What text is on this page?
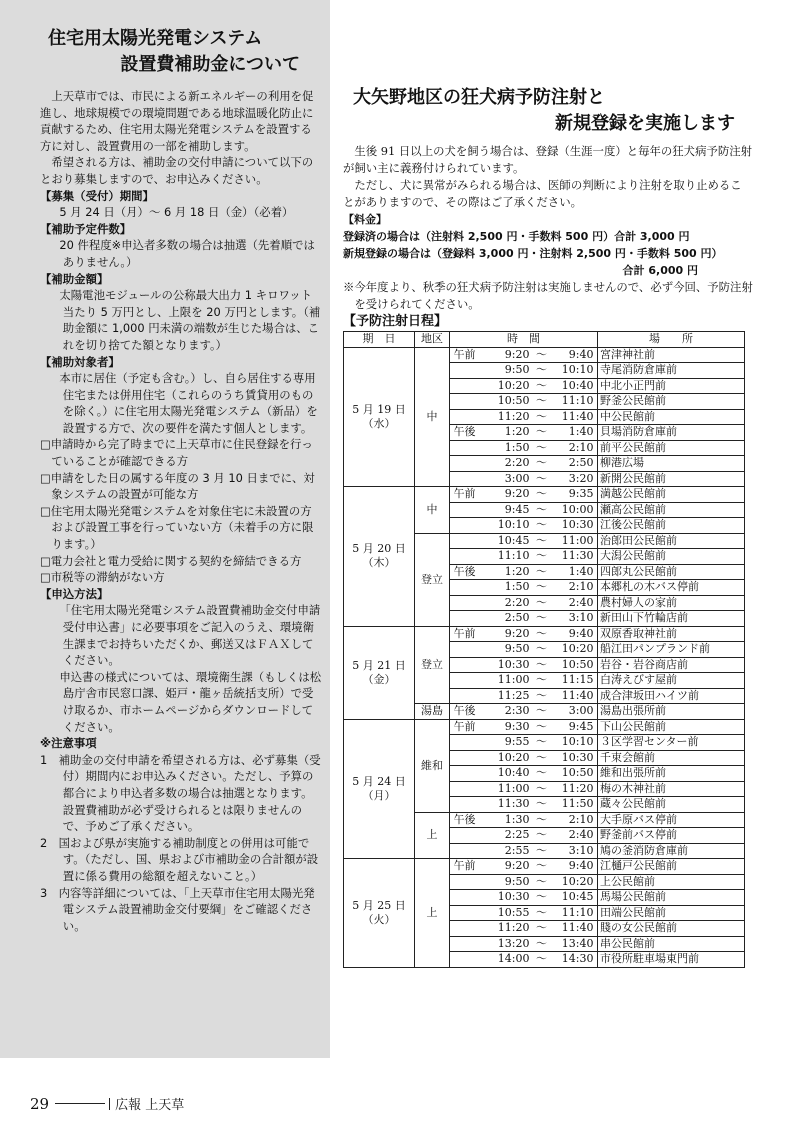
住宅用太陽光発電システム
設置費補助金について

上天草市では、市民による新エネルギーの利用を促進し、地球規模での環境問題である地球温暖化防止に貢献するため、住宅用太陽光発電システムを設置する方に対し、設置費用の一部を補助します。

希望される方は、補助金の交付申請について以下のとおり募集しますので、お申込みください。

【募集（受付）期間】

5 月 24 日（月）～ 6 月 18 日（金）（必着）

【補助予定件数】

20 件程度※申込者多数の場合は抽選（先着順ではありません。）

【補助金額】

太陽電池モジュールの公称最大出力 1 キロワット当たり 5 万円とし、上限を 20 万円とします。（補助金額に 1,000 円未満の端数が生じた場合は、これを切り捨てた額となります。）

【補助対象者】

本市に居住（予定も含む。）し、自ら居住する専用住宅または併用住宅（これらのうち賃貸用のものを除く。）に住宅用太陽光発電システム（新品）を設置する方で、次の要件を満たす個人とします。

□申請時から完了時までに上天草市に住民登録を行っていることが確認できる方

□申請をした日の属する年度の 3 月 10 日までに、対象システムの設置が可能な方

□住宅用太陽光発電システムを対象住宅に未設置の方および設置工事を行っていない方（未着手の方に限ります。）

□電力会社と電力受給に関する契約を締結できる方

□市税等の滞納がない方

【申込方法】

「住宅用太陽光発電システム設置費補助金交付申請受付申込書」に必要事項をご記入のうえ、環境衛生課までお持ちいただくか、郵送又はＦＡＸしてください。

申込書の様式については、環境衛生課（もしくは松島庁舎市民窓口課、姫戸・龍ヶ岳統括支所）で受け取るか、市ホームページからダウンロードしてください。

※注意事項

1　補助金の交付申請を希望される方は、必ず募集（受付）期間内にお申込みください。ただし、予算の都合により申込者多数の場合は抽選となります。設置費補助が必ず受けられるとは限りませんので、予めご了承ください。

2　国および県が実施する補助制度との併用は可能です。（ただし、国、県および市補助金の合計額が設置に係る費用の総額を超えないこと。）

3　内容等詳細については、「上天草市住宅用太陽光発電システム設置補助金交付要綱」をご確認ください。

大矢野地区の狂犬病予防注射と
新規登録を実施します

生後 91 日以上の犬を飼う場合は、登録（生涯一度）と毎年の狂犬病予防注射が飼い主に義務付けられています。

ただし、犬に異常がみられる場合は、医師の判断により注射を取り止めることがありますので、その際はご了承ください。

【料金】

登録済の場合は（注射料 2,500 円・手数料 500 円）合計 3,000 円

新規登録の場合は（登録料 3,000 円・注射料 2,500 円・手数料 500 円）

合計 6,000 円

※今年度より、秋季の狂犬病予防注射は実施しませんので、必ず今回、予防注射を受けられてください。

【予防注射日程】

期　日	地区	時　間	場　　所
5 月 19 日
（水）	中	午前 9:20 〜 9:40	宮津神社前
		9:50 〜 10:10	寺尾消防倉庫前
		10:20 〜 10:40	中北小正門前
		10:50 〜 11:10	野釜公民館前
		11:20 〜 11:40	中公民館前
		午後 1:20 〜 1:40	貝場消防倉庫前
		1:50 〜 2:10	前平公民館前
		2:20 〜 2:50	柳港広場
		3:00 〜 3:20	新開公民館前
5 月 20 日
（木）	中	午前 9:20 〜 9:35	満越公民館前
		9:45 〜 10:00	瀬高公民館前
		10:10 〜 10:30	江後公民館前
	登立	10:45 〜 11:00	治郎田公民館前
		11:10 〜 11:30	大潟公民館前
		午後 1:20 〜 1:40	四郎丸公民館前
		1:50 〜 2:10	本郷札の木バス停前
		2:20 〜 2:40	農村婦人の家前
		2:50 〜 3:10	新田山下竹輪店前
5 月 21 日
（金）	登立	午前 9:20 〜 9:40	双原香取神社前
		9:50 〜 10:20	船江田パンプランド前
		10:30 〜 10:50	岩谷・岩谷商店前
		11:00 〜 11:15	白涛えびす屋前
		11:25 〜 11:40	成合津坂田ハイツ前
	湯島	午後 2:30 〜 3:00	湯島出張所前
5 月 24 日
（月）	維和	午前 9:30 〜 9:45	下山公民館前
		9:55 〜 10:10	３区学習センター前
		10:20 〜 10:30	千束会館前
		10:40 〜 10:50	維和出張所前
		11:00 〜 11:20	梅の木神社前
		11:30 〜 11:50	蔵々公民館前
	上	午後 1:30 〜 2:10	大手原バス停前
		2:25 〜 2:40	野釜前バス停前
		2:55 〜 3:10	鳩の釜消防倉庫前
5 月 25 日
（火）	上	午前 9:20 〜 9:40	江樋戸公民館前
		9:50 〜 10:20	上公民館前
		10:30 〜 10:45	馬場公民館前
		10:55 〜 11:10	田端公民館前
		11:20 〜 11:40	賤の女公民館前
		13:20 〜 13:40	串公民館前
		14:00 〜 14:30	市役所駐車場東門前
29	広報 上天草
